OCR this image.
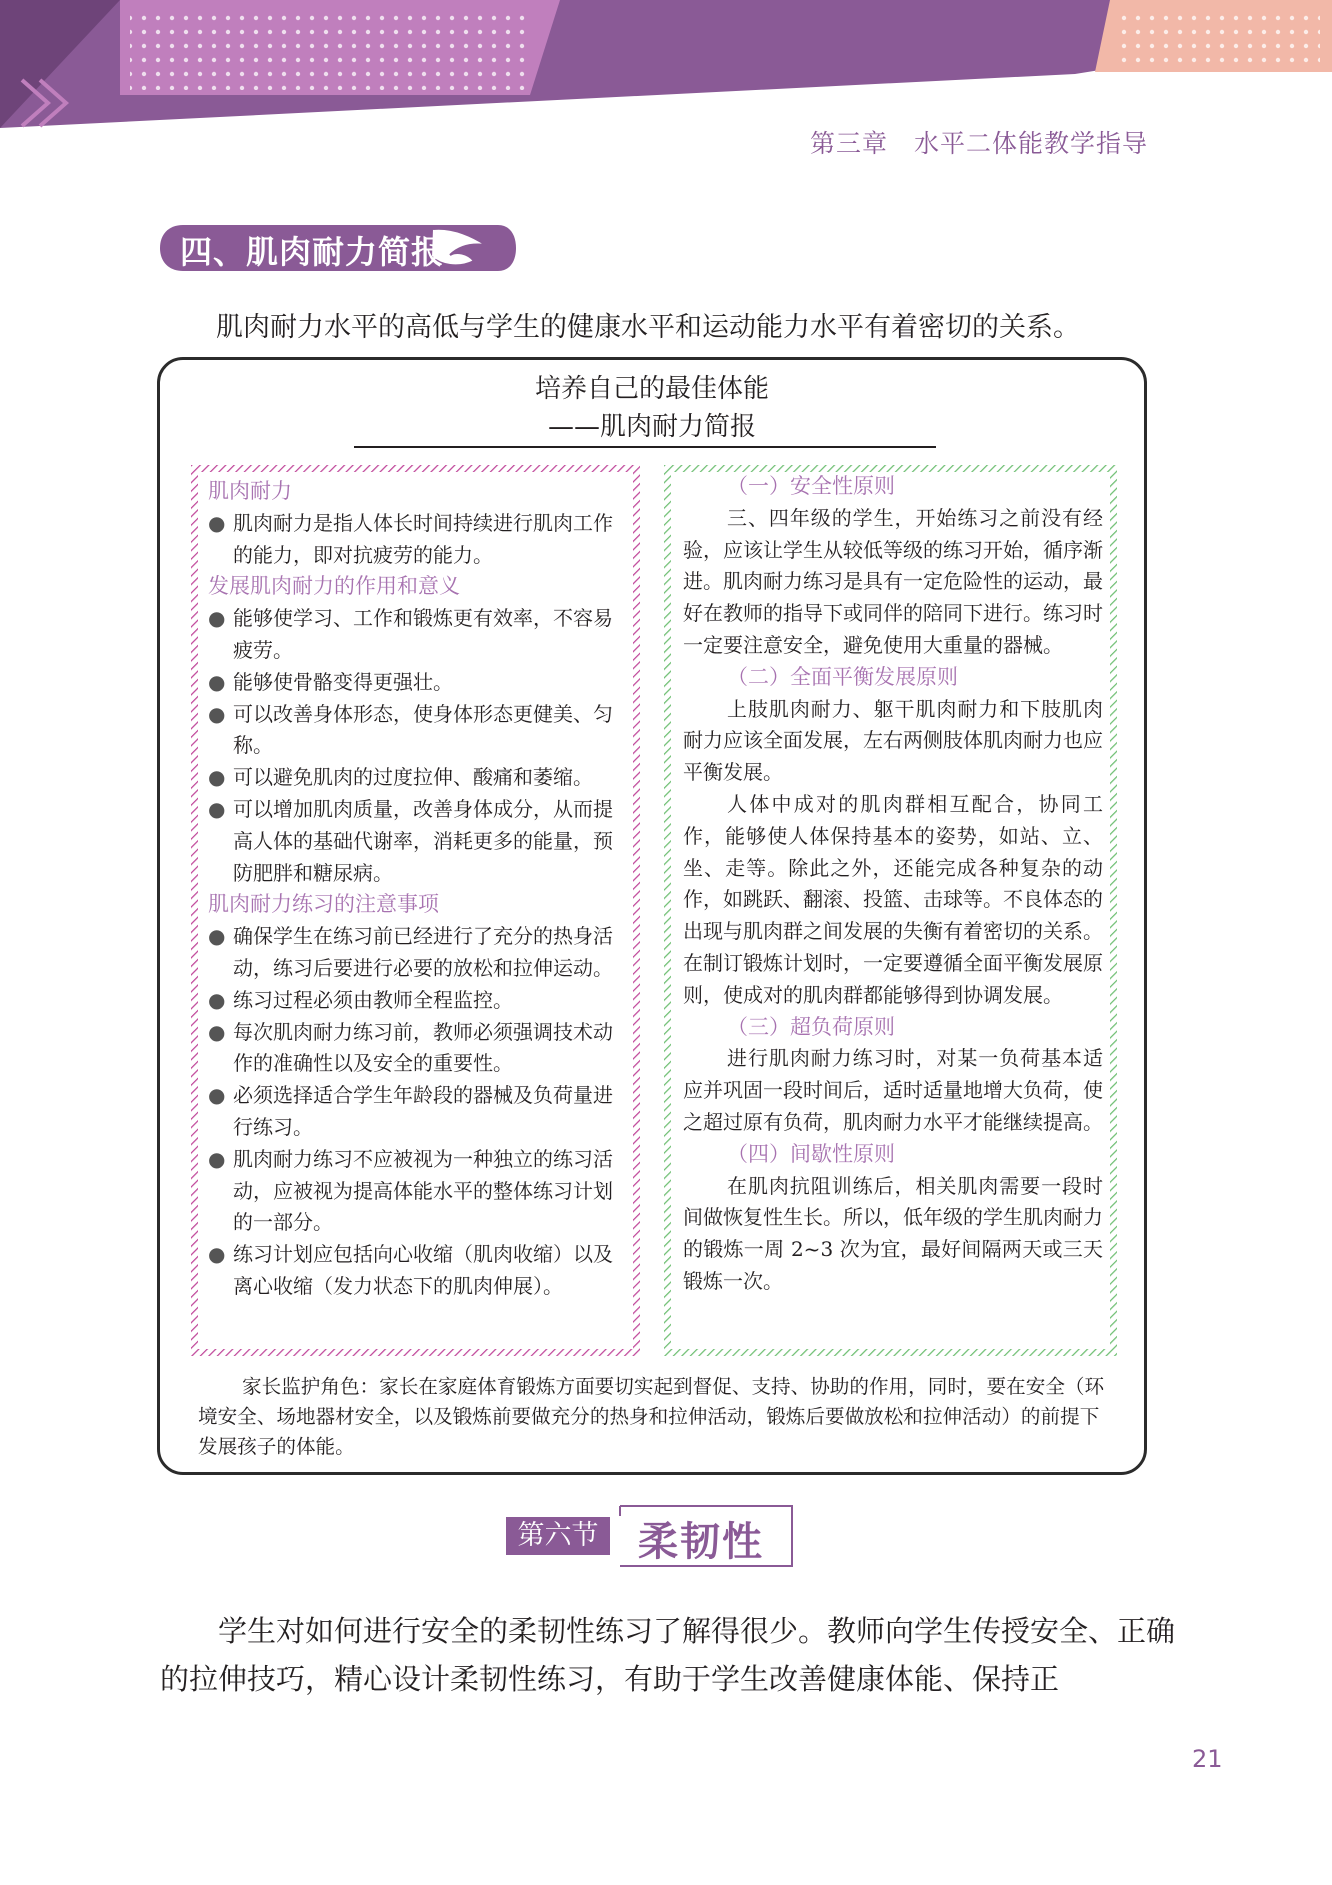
第三章　水平二体能教学指导
四、肌肉耐力简报
肌肉耐力水平的高低与学生的健康水平和运动能力水平有着密切的关系。
培养自己的最佳体能
——肌肉耐力简报
肌肉耐力
● 肌肉耐力是指人体长时间持续进行肌肉工作的能力，即对抗疲劳的能力。
发展肌肉耐力的作用和意义
● 能够使学习、工作和锻炼更有效率，不容易疲劳。
● 能够使骨骼变得更强壮。
● 可以改善身体形态，使身体形态更健美、匀称。
● 可以避免肌肉的过度拉伸、酸痛和萎缩。
● 可以增加肌肉质量，改善身体成分，从而提高人体的基础代谢率，消耗更多的能量，预防肥胖和糖尿病。
肌肉耐力练习的注意事项
● 确保学生在练习前已经进行了充分的热身活动，练习后要进行必要的放松和拉伸运动。
● 练习过程必须由教师全程监控。
● 每次肌肉耐力练习前，教师必须强调技术动作的准确性以及安全的重要性。
● 必须选择适合学生年龄段的器械及负荷量进行练习。
● 肌肉耐力练习不应被视为一种独立的练习活动，应被视为提高体能水平的整体练习计划的一部分。
● 练习计划应包括向心收缩（肌肉收缩）以及离心收缩（发力状态下的肌肉伸展）。
（一）安全性原则
三、四年级的学生，开始练习之前没有经验，应该让学生从较低等级的练习开始，循序渐进。肌肉耐力练习是具有一定危险性的运动，最好在教师的指导下或同伴的陪同下进行。练习时一定要注意安全，避免使用大重量的器械。
（二）全面平衡发展原则
上肢肌肉耐力、躯干肌肉耐力和下肢肌肉耐力应该全面发展，左右两侧肢体肌肉耐力也应平衡发展。
人体中成对的肌肉群相互配合，协同工作，能够使人体保持基本的姿势，如站、立、坐、走等。除此之外，还能完成各种复杂的动作，如跳跃、翻滚、投篮、击球等。不良体态的出现与肌肉群之间发展的失衡有着密切的关系。在制订锻炼计划时，一定要遵循全面平衡发展原则，使成对的肌肉群都能够得到协调发展。
（三）超负荷原则
进行肌肉耐力练习时，对某一负荷基本适应并巩固一段时间后，适时适量地增大负荷，使之超过原有负荷，肌肉耐力水平才能继续提高。
（四）间歇性原则
在肌肉抗阻训练后，相关肌肉需要一段时间做恢复性生长。所以，低年级的学生肌肉耐力的锻炼一周 2~3 次为宜，最好间隔两天或三天锻炼一次。
家长监护角色：家长在家庭体育锻炼方面要切实起到督促、支持、协助的作用，同时，要在安全（环境安全、场地器材安全，以及锻炼前要做充分的热身和拉伸活动，锻炼后要做放松和拉伸活动）的前提下发展孩子的体能。
第六节 柔韧性
学生对如何进行安全的柔韧性练习了解得很少。教师向学生传授安全、正确的拉伸技巧，精心设计柔韧性练习，有助于学生改善健康体能、保持正
21
